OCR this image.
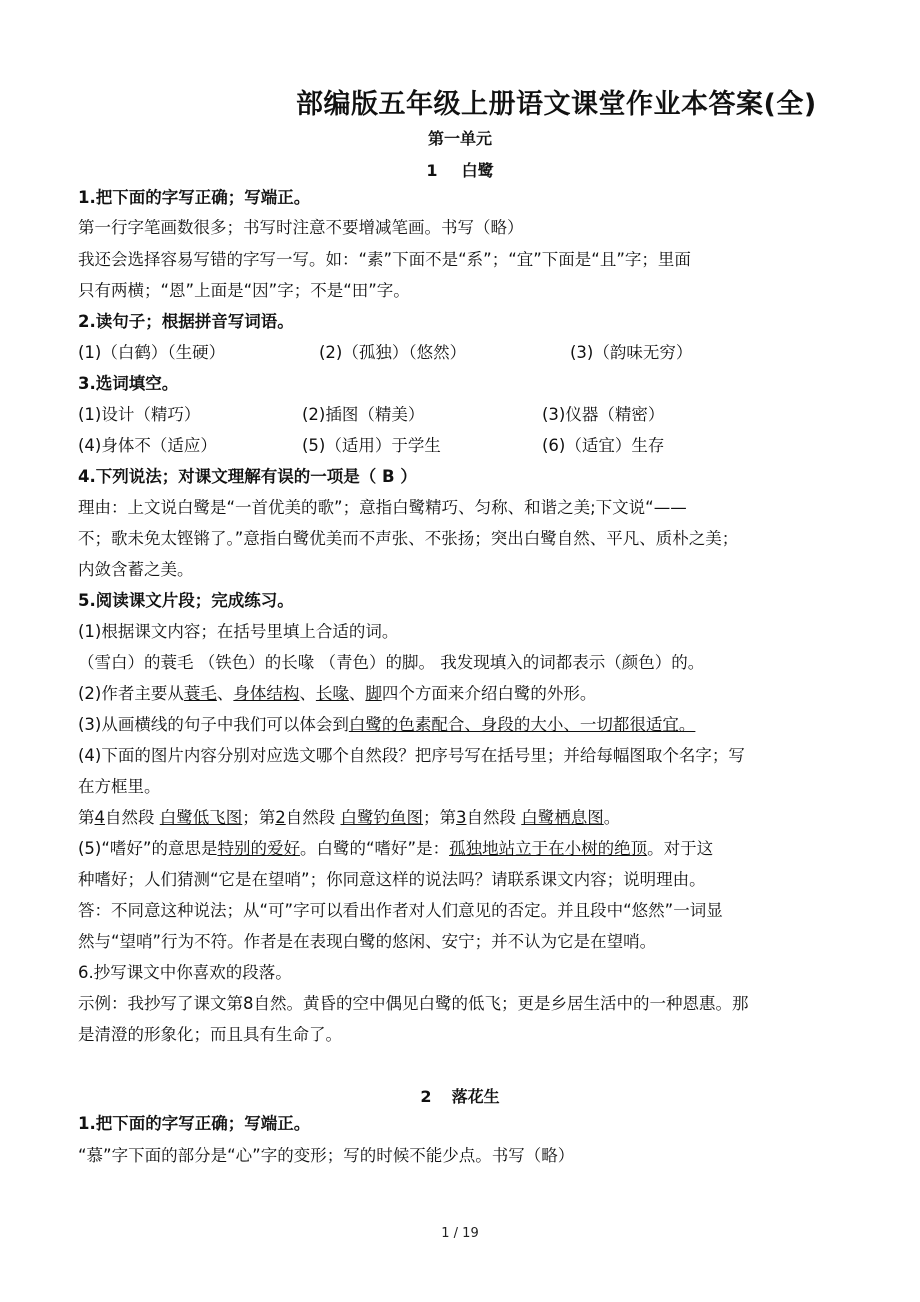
部编版五年级上册语文课堂作业本答案(全)
第一单元
1 白鹭
1.把下面的字写正确；写端正。
第一行字笔画数很多；书写时注意不要增减笔画。书写（略）
我还会选择容易写错的字写一写。如：“素”下面不是“系”；“宜”下面是“且”字；里面
只有两横；“恩”上面是“因”字；不是“田”字。
2.读句子；根据拼音写词语。
(1)（白鹤）（生硬）	(2)（孤独）（悠然）	(3)（韵味无穷）
3.选词填空。
(1)设计（精巧）	(2)插图（精美）	(3)仪器（精密）
(4)身体不（适应）	(5)（适用）于学生	(6)（适宜）生存
4.下列说法；对课文理解有误的一项是（ B ）
理由：上文说白鹭是“一首优美的歌”；意指白鹭精巧、匀称、和谐之美;下文说“——
不；歌未免太铿锵了。”意指白鹭优美而不声张、不张扬；突出白鹭自然、平凡、质朴之美；
内敛含蓄之美。
5.阅读课文片段；完成练习。
(1)根据课文内容；在括号里填上合适的词。
（雪白）的蓑毛 （铁色）的长喙 （青色）的脚。 我发现填入的词都表示（颜色）的。
(2)作者主要从蓑毛、身体结构、长喙、脚四个方面来介绍白鹭的外形。
(3)从画横线的句子中我们可以体会到白鹭的色素配合、身段的大小、一切都很适宜。
(4)下面的图片内容分别对应选文哪个自然段？把序号写在括号里；并给每幅图取个名字；写
在方框里。
第4自然段 白鹭低飞图；第2自然段 白鹭钓鱼图；第3自然段 白鹭栖息图。
(5)“嗜好”的意思是特别的爱好。白鹭的“嗜好”是：孤独地站立于在小树的绝顶。对于这
种嗜好；人们猜测“它是在望哨”；你同意这样的说法吗？请联系课文内容；说明理由。
答：不同意这种说法；从“可”字可以看出作者对人们意见的否定。并且段中“悠然”一词显
然与“望哨”行为不符。作者是在表现白鹭的悠闲、安宁；并不认为它是在望哨。
6.抄写课文中你喜欢的段落。
示例：我抄写了课文第8自然。黄昏的空中偶见白鹭的低飞；更是乡居生活中的一种恩惠。那
是清澄的形象化；而且具有生命了。
2 落花生
1.把下面的字写正确；写端正。
“慕”字下面的部分是“心”字的变形；写的时候不能少点。书写（略）
1 / 19
